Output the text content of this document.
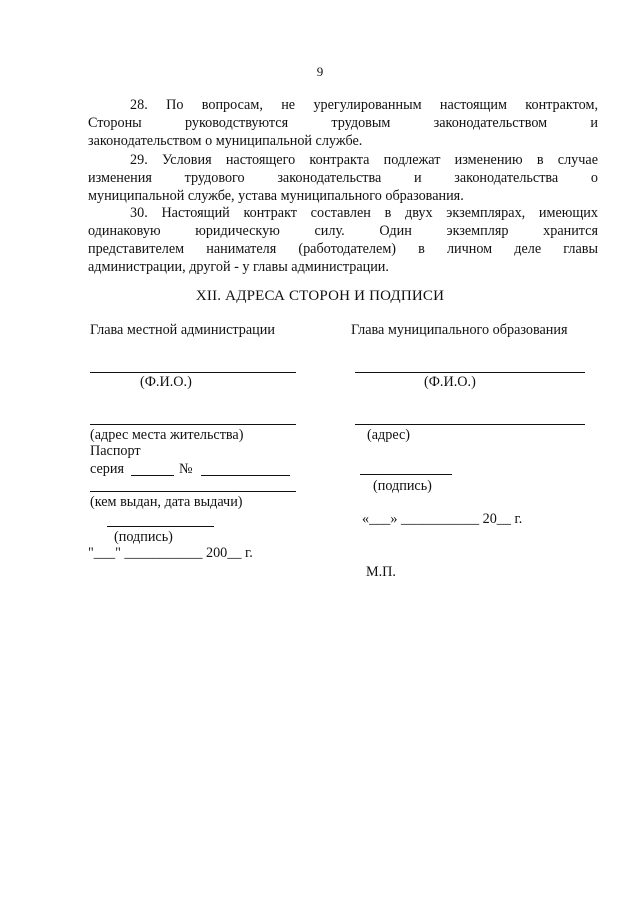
9
28. По вопросам, не урегулированным настоящим контрактом,
Стороны руководствуются трудовым законодательством и
законодательством о муниципальной службе.
29. Условия настоящего контракта подлежат изменению в случае
изменения трудового законодательства и законодательства о
муниципальной службе, устава муниципального образования.
30. Настоящий контракт составлен в двух экземплярах, имеющих
одинаковую юридическую силу. Один экземпляр хранится
представителем нанимателя (работодателем) в личном деле главы
администрации, другой - у главы администрации.
XII. АДРЕСА СТОРОН И ПОДПИСИ
Глава местной администрации
(Ф.И.О.)
(адрес места жительства)
Паспорт
серия	№
(кем выдан, дата выдачи)
(подпись)
"___" ___________ 200__ г.
Глава муниципального образования
(Ф.И.О.)
(адрес)
(подпись)
«___» ___________ 20__ г.
М.П.
